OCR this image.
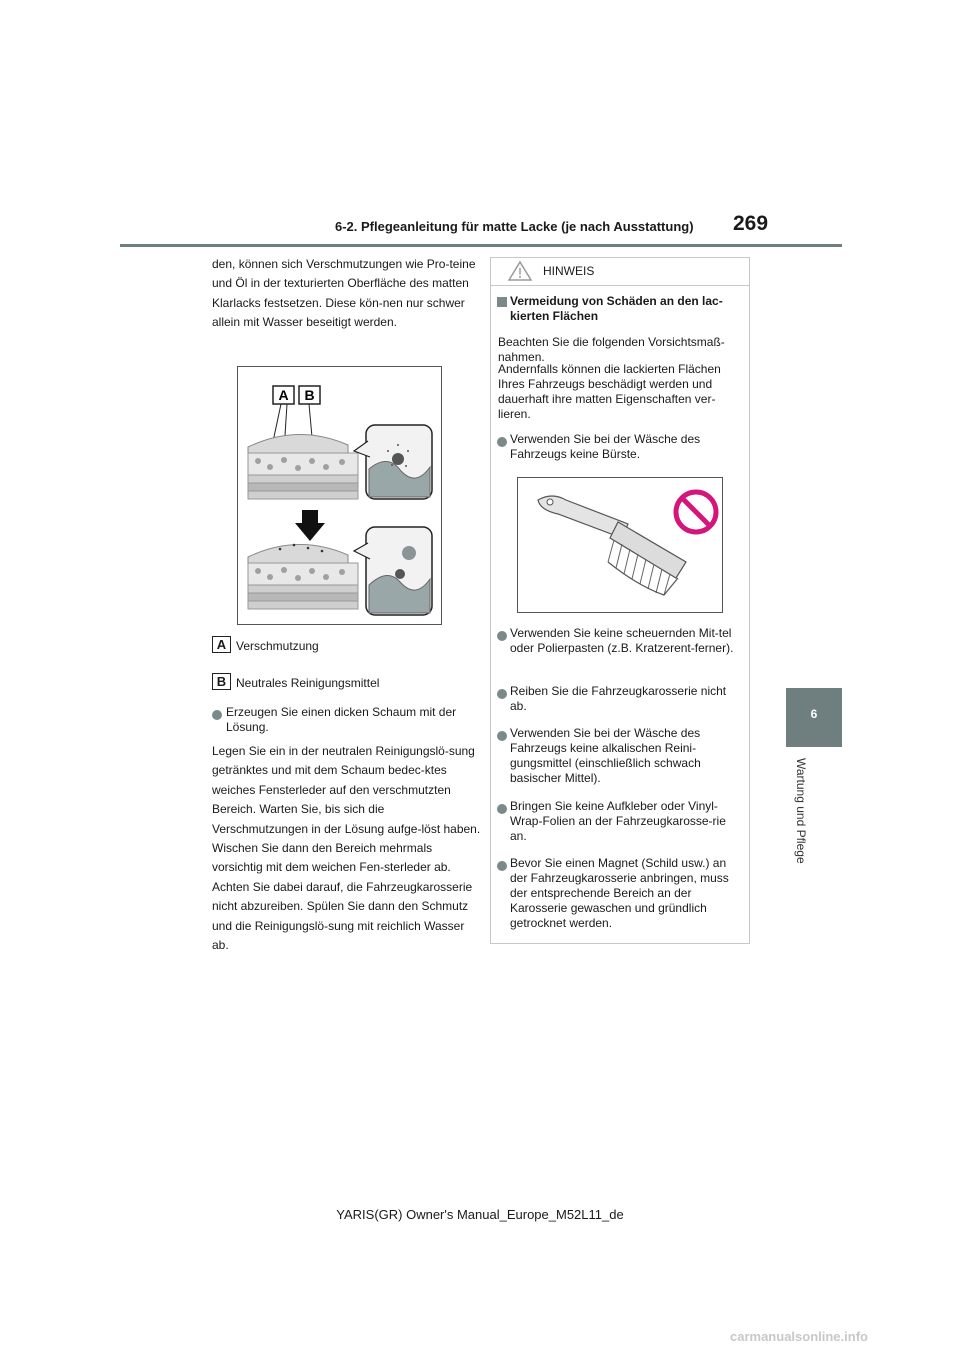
6-2. Pflegeanleitung für matte Lacke (je nach Ausstattung) 269
6
Wartung und Pflege
den, können sich Verschmutzungen wie Pro-teine und Öl in der texturierten Oberfläche des matten Klarlacks festsetzen. Diese kön-nen nur schwer allein mit Wasser beseitigt werden.
A B
A Verschmutzung
B Neutrales Reinigungsmittel
Erzeugen Sie einen dicken Schaum mit der Lösung.
Legen Sie ein in der neutralen Reinigungslö-sung getränktes und mit dem Schaum bedec-ktes weiches Fensterleder auf den verschmutzten Bereich. Warten Sie, bis sich die Verschmutzungen in der Lösung aufge-löst haben. Wischen Sie dann den Bereich mehrmals vorsichtig mit dem weichen Fen-sterleder ab. Achten Sie dabei darauf, die Fahrzeugkarosserie nicht abzureiben. Spülen Sie dann den Schmutz und die Reinigungslö-sung mit reichlich Wasser ab.
HINWEIS
Vermeidung von Schäden an den lac-kierten Flächen
Beachten Sie die folgenden Vorsichtsmaß-nahmen.
Andernfalls können die lackierten Flächen Ihres Fahrzeugs beschädigt werden und dauerhaft ihre matten Eigenschaften ver-lieren.
Verwenden Sie bei der Wäsche des Fahrzeugs keine Bürste.
Verwenden Sie keine scheuernden Mit-tel oder Polierpasten (z.B. Kratzerent-ferner).
Reiben Sie die Fahrzeugkarosserie nicht ab.
Verwenden Sie bei der Wäsche des Fahrzeugs keine alkalischen Reini-gungsmittel (einschließlich schwach basischer Mittel).
Bringen Sie keine Aufkleber oder Vinyl-Wrap-Folien an der Fahrzeugkarosse-rie an.
Bevor Sie einen Magnet (Schild usw.) an der Fahrzeugkarosserie anbringen, muss der entsprechende Bereich an der Karosserie gewaschen und gründlich getrocknet werden.
YARIS(GR) Owner's Manual_Europe_M52L11_de
carmanualsonline.info
